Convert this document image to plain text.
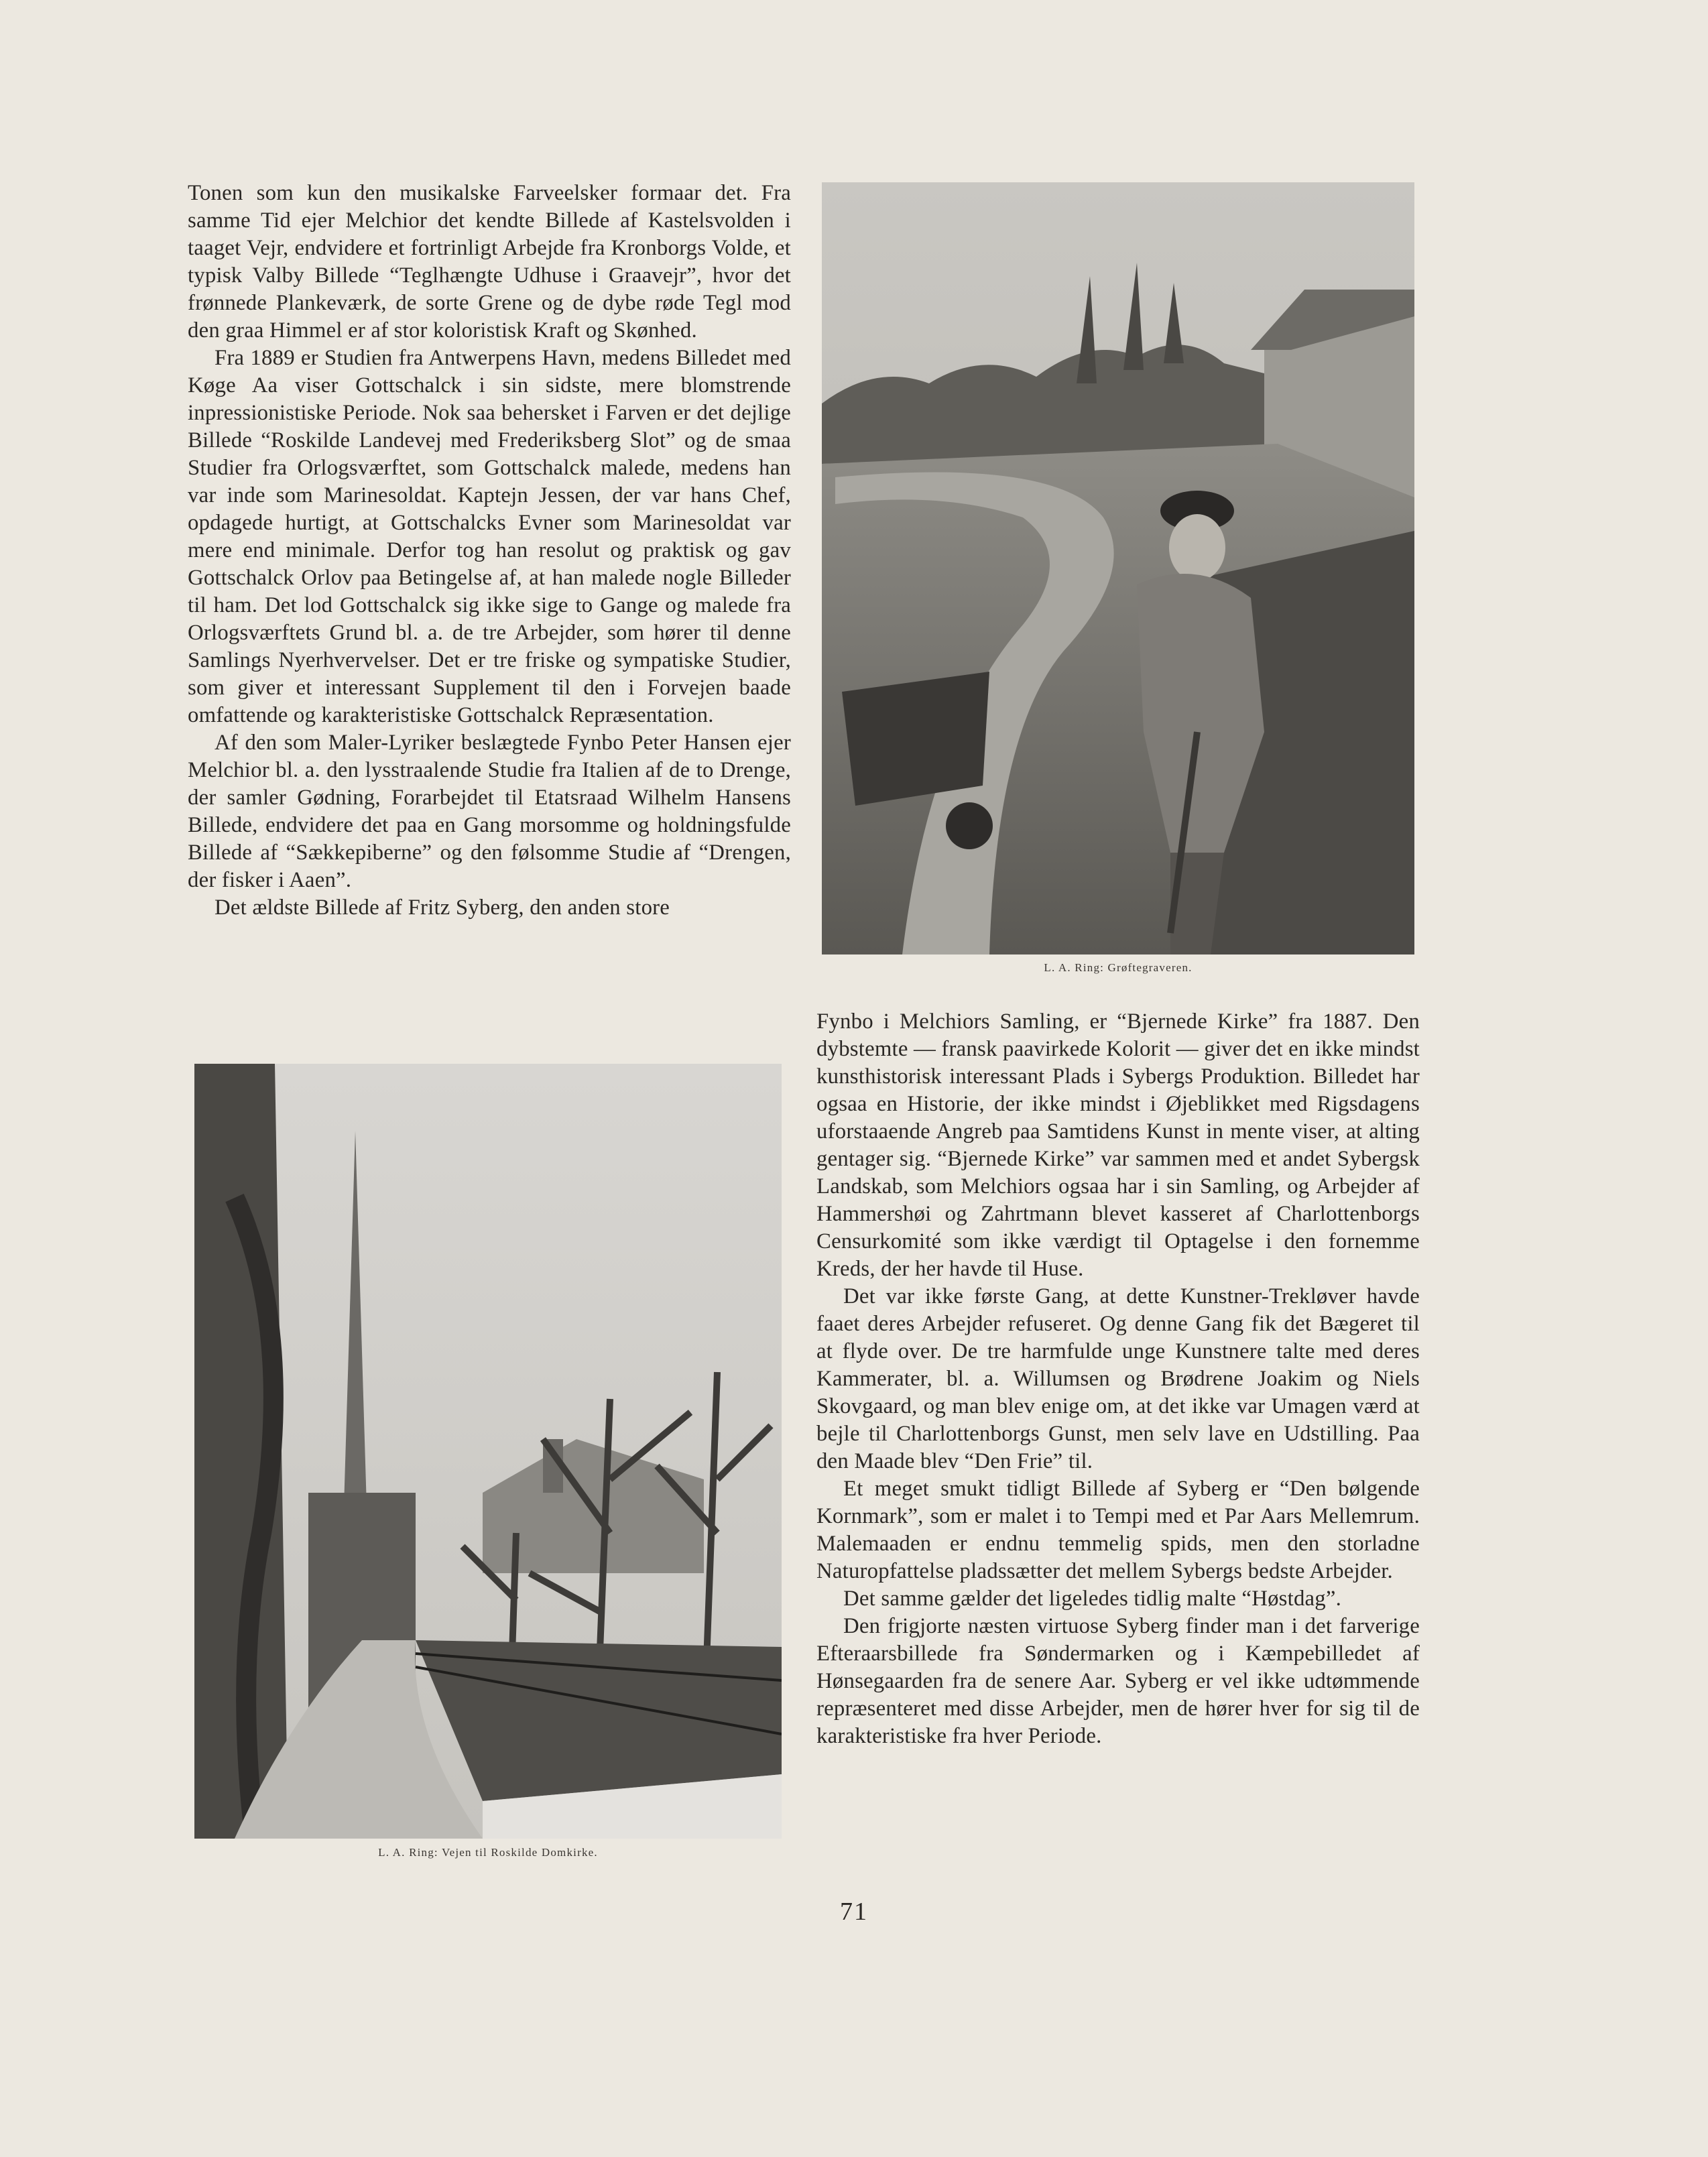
Tonen som kun den musikalske Farveelsker formaar det. Fra samme Tid ejer Melchior det kendte Billede af Kastelsvolden i taaget Vejr, endvidere et fortrinligt Arbejde fra Kronborgs Volde, et typisk Valby Billede “Teglhængte Udhuse i Graavejr”, hvor det frønnede Plankeværk, de sorte Grene og de dybe røde Tegl mod den graa Himmel er af stor koloristisk Kraft og Skønhed.

Fra 1889 er Studien fra Antwerpens Havn, medens Billedet med Køge Aa viser Gottschalck i sin sidste, mere blomstrende inpressionistiske Periode. Nok saa behersket i Farven er det dejlige Billede “Roskilde Landevej med Frederiksberg Slot” og de smaa Studier fra Orlogsværftet, som Gottschalck malede, medens han var inde som Marinesoldat. Kaptejn Jessen, der var hans Chef, opdagede hurtigt, at Gottschalcks Evner som Marinesoldat var mere end minimale. Derfor tog han resolut og praktisk og gav Gottschalck Orlov paa Betingelse af, at han malede nogle Billeder til ham. Det lod Gottschalck sig ikke sige to Gange og malede fra Orlogsværftets Grund bl. a. de tre Arbejder, som hører til denne Samlings Nyerhvervelser. Det er tre friske og sympatiske Studier, som giver et interessant Supplement til den i Forvejen baade omfattende og karakteristiske Gottschalck Repræsentation.

Af den som Maler-Lyriker beslægtede Fynbo Peter Hansen ejer Melchior bl. a. den lysstraalende Studie fra Italien af de to Drenge, der samler Gødning, Forarbejdet til Etatsraad Wilhelm Hansens Billede, endvidere det paa en Gang morsomme og holdningsfulde Billede af “Sækkepiberne” og den følsomme Studie af “Drengen, der fisker i Aaen”.

Det ældste Billede af Fritz Syberg, den anden store

L. A. Ring: Grøftegraveren.
L. A. Ring: Vejen til Roskilde Domkirke.

Fynbo i Melchiors Samling, er “Bjernede Kirke” fra 1887. Den dybstemte — fransk paavirkede Kolorit — giver det en ikke mindst kunsthistorisk interessant Plads i Sybergs Produktion. Billedet har ogsaa en Historie, der ikke mindst i Øjeblikket med Rigsdagens uforstaaende Angreb paa Samtidens Kunst in mente viser, at alting gentager sig. “Bjernede Kirke” var sammen med et andet Sybergsk Landskab, som Melchiors ogsaa har i sin Samling, og Arbejder af Hammershøi og Zahrtmann blevet kasseret af Charlottenborgs Censurkomité som ikke værdigt til Optagelse i den fornemme Kreds, der her havde til Huse.

Det var ikke første Gang, at dette Kunstner-Trekløver havde faaet deres Arbejder refuseret. Og denne Gang fik det Bægeret til at flyde over. De tre harmfulde unge Kunstnere talte med deres Kammerater, bl. a. Willumsen og Brødrene Joakim og Niels Skovgaard, og man blev enige om, at det ikke var Umagen værd at bejle til Charlottenborgs Gunst, men selv lave en Udstilling. Paa den Maade blev “Den Frie” til.

Et meget smukt tidligt Billede af Syberg er “Den bølgende Kornmark”, som er malet i to Tempi med et Par Aars Mellemrum. Malemaaden er endnu temmelig spids, men den storladne Naturopfattelse pladssætter det mellem Sybergs bedste Arbejder.

Det samme gælder det ligeledes tidlig malte “Høstdag”.

Den frigjorte næsten virtuose Syberg finder man i det farverige Efteraarsbillede fra Søndermarken og i Kæmpebilledet af Hønsegaarden fra de senere Aar. Syberg er vel ikke udtømmende repræsenteret med disse Arbejder, men de hører hver for sig til de karakteristiske fra hver Periode.

71
